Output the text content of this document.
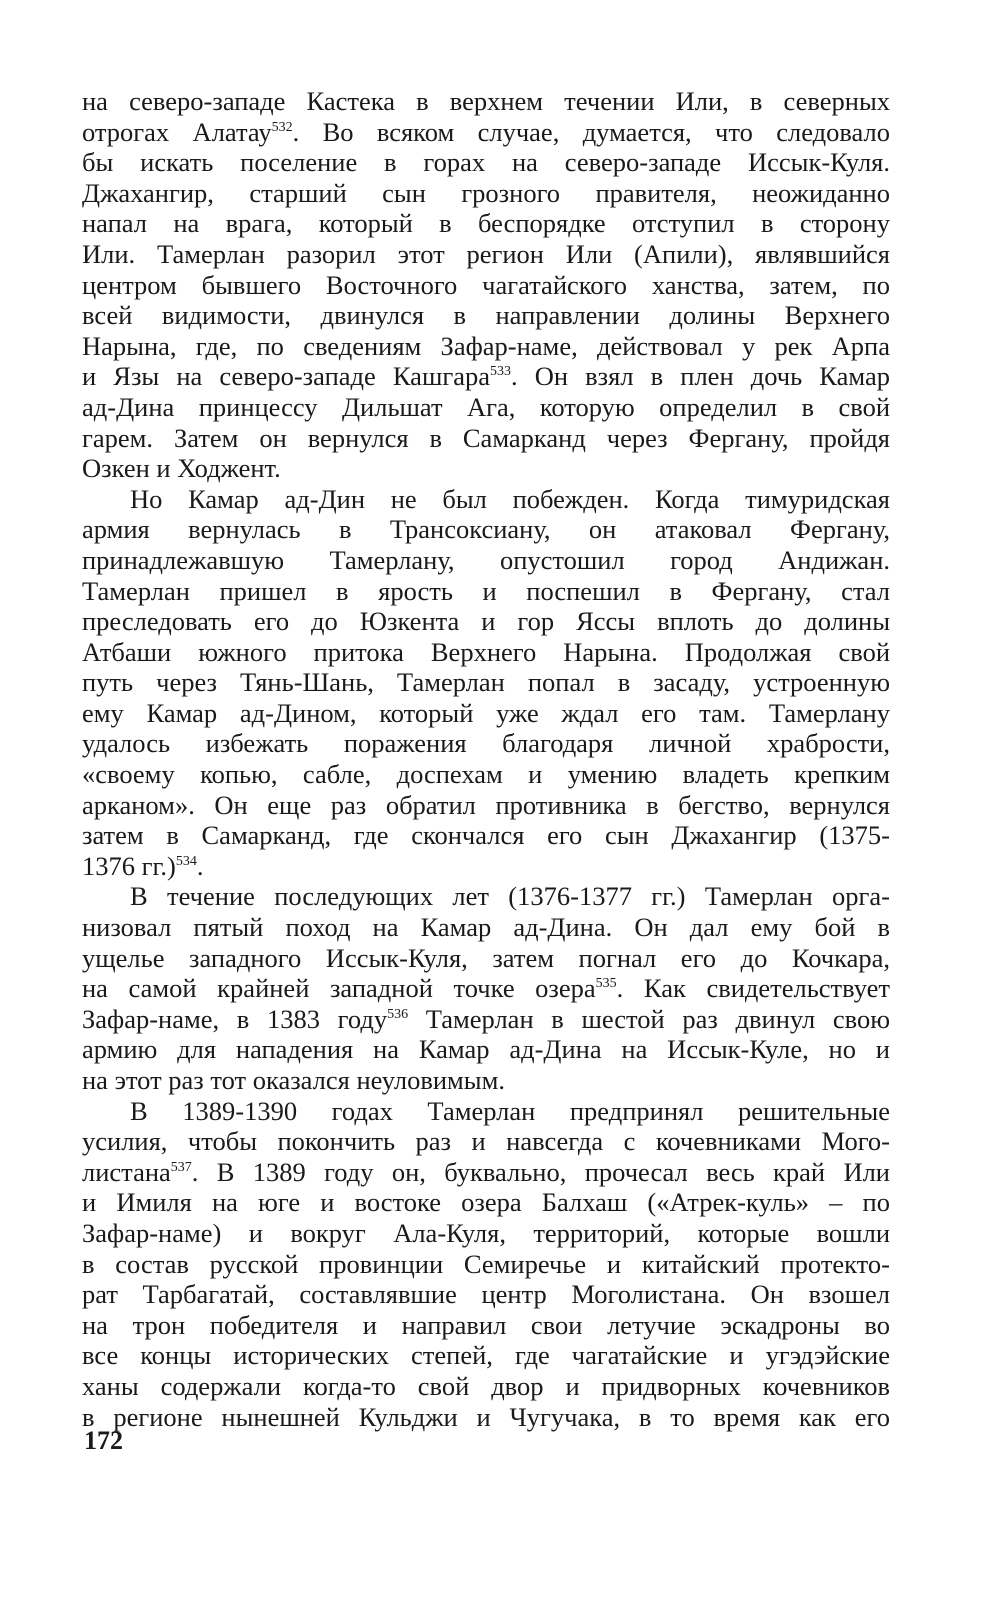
на северо-западе Кастека в верхнем течении Или, в северных
отрогах Алатау$^{532}$. Во всяком случае, думается, что следовало
бы искать поселение в горах на северо-западе Иссык-Куля.
Джахангир, старший сын грозного правителя, неожиданно
напал на врага, который в беспорядке отступил в сторону
Или. Тамерлан разорил этот регион Или (Апили), являвшийся
центром бывшего Восточного чагатайского ханства, затем, по
всей видимости, двинулся в направлении долины Верхнего
Нарына, где, по сведениям Зафар-наме, действовал у рек Арпа
и Язы на северо-западе Кашгара$^{533}$. Он взял в плен дочь Камар
ад-Дина принцессу Дильшат Ага, которую определил в свой
гарем. Затем он вернулся в Самарканд через Фергану, пройдя
Озкен и Ходжент.
Но Камар ад-Дин не был побежден. Когда тимуридская
армия вернулась в Трансоксиану, он атаковал Фергану,
принадлежавшую Тамерлану, опустошил город Андижан.
Тамерлан пришел в ярость и поспешил в Фергану, стал
преследовать его до Юзкента и гор Яссы вплоть до долины
Атбаши южного притока Верхнего Нарына. Продолжая свой
путь через Тянь-Шань, Тамерлан попал в засаду, устроенную
ему Камар ад-Дином, который уже ждал его там. Тамерлану
удалось избежать поражения благодаря личной храбрости,
«своему копью, сабле, доспехам и умению владеть крепким
арканом». Он еще раз обратил противника в бегство, вернулся
затем в Самарканд, где скончался его сын Джахангир (1375-
1376 гг.)$^{534}$.
В течение последующих лет (1376-1377 гг.) Тамерлан орга-
низовал пятый поход на Камар ад-Дина. Он дал ему бой в
ущелье западного Иссык-Куля, затем погнал его до Кочкара,
на самой крайней западной точке озера$^{535}$. Как свидетельствует
Зафар-наме, в 1383 году$^{536}$ Тамерлан в шестой раз двинул свою
армию для нападения на Камар ад-Дина на Иссык-Куле, но и
на этот раз тот оказался неуловимым.
В 1389-1390 годах Тамерлан предпринял решительные
усилия, чтобы покончить раз и навсегда с кочевниками Мого-
листана$^{537}$. В 1389 году он, буквально, прочесал весь край Или
и Имиля на юге и востоке озера Балхаш («Атрек-куль» – по
Зафар-наме) и вокруг Ала-Куля, территорий, которые вошли
в состав русской провинции Семиречье и китайский протекто-
рат Тарбагатай, составлявшие центр Моголистана. Он взошел
на трон победителя и направил свои летучие эскадроны во
все концы исторических степей, где чагатайские и угэдэйские
ханы содержали когда-то свой двор и придворных кочевников
в регионе нынешней Кульджи и Чугучака, в то время как его
172
